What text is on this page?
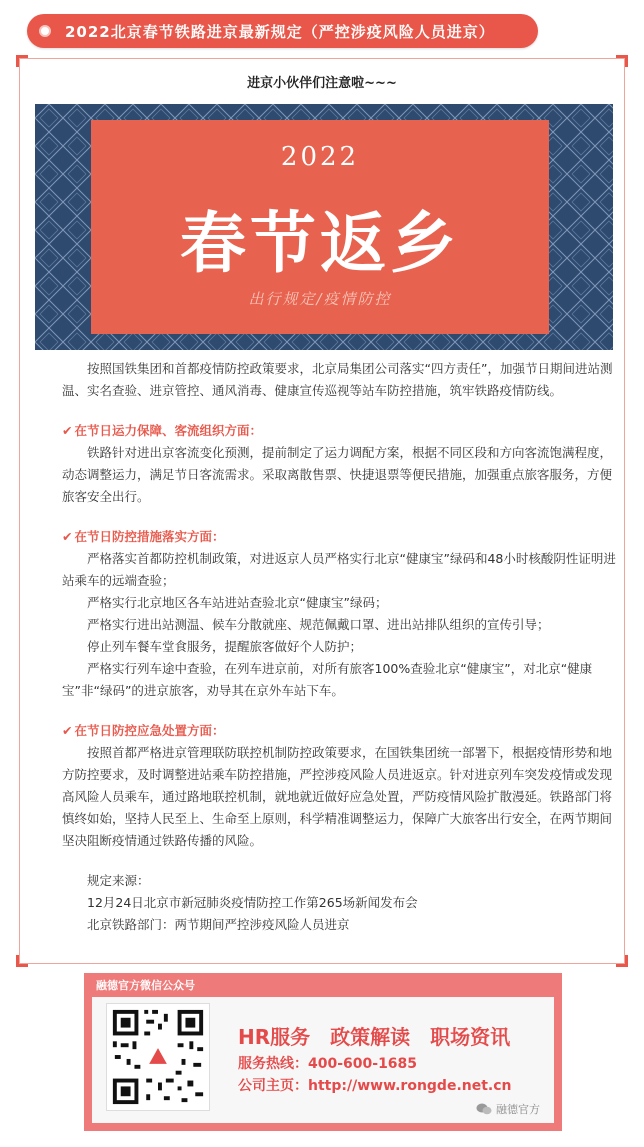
2022北京春节铁路进京最新规定（严控涉疫风险人员进京）
进京小伙伴们注意啦~~~
2022
春节返乡
出行规定/疫情防控

　　按照国铁集团和首都疫情防控政策要求，北京局集团公司落实“四方责任”，加强节日期间进站测温、实名查验、进京管控、通风消毒、健康宣传巡视等站车防控措施，筑牢铁路疫情防线。

✔ 在节日运力保障、客流组织方面：

　　铁路针对进出京客流变化预测，提前制定了运力调配方案，根据不同区段和方向客流饱满程度，动态调整运力，满足节日客流需求。采取离散售票、快捷退票等便民措施，加强重点旅客服务，方便旅客安全出行。

✔ 在节日防控措施落实方面：

　　严格落实首都防控机制政策，对进返京人员严格实行北京“健康宝”绿码和48小时核酸阴性证明进站乘车的远端查验；

　　严格实行北京地区各车站进站查验北京“健康宝”绿码；

　　严格实行进出站测温、候车分散就座、规范佩戴口罩、进出站排队组织的宣传引导；

　　停止列车餐车堂食服务，提醒旅客做好个人防护；

　　严格实行列车途中查验，在列车进京前，对所有旅客100%查验北京“健康宝”，对北京“健康宝”非“绿码”的进京旅客，劝导其在京外车站下车。

✔ 在节日防控应急处置方面：

　　按照首都严格进京管理联防联控机制防控政策要求，在国铁集团统一部署下，根据疫情形势和地方防控要求，及时调整进站乘车防控措施，严控涉疫风险人员进返京。针对进京列车突发疫情或发现高风险人员乘车，通过路地联控机制，就地就近做好应急处置，严防疫情风险扩散漫延。铁路部门将慎终如始，坚持人民至上、生命至上原则，科学精准调整运力，保障广大旅客出行安全，在两节期间坚决阻断疫情通过铁路传播的风险。

　　规定来源：

　　12月24日北京市新冠肺炎疫情防控工作第265场新闻发布会

　　北京铁路部门：两节期间严控涉疫风险人员进京

融德官方微信公众号
HR服务　政策解读　职场资讯
服务热线：400-600-1685
公司主页：http://www.rongde.net.cn
融德官方
